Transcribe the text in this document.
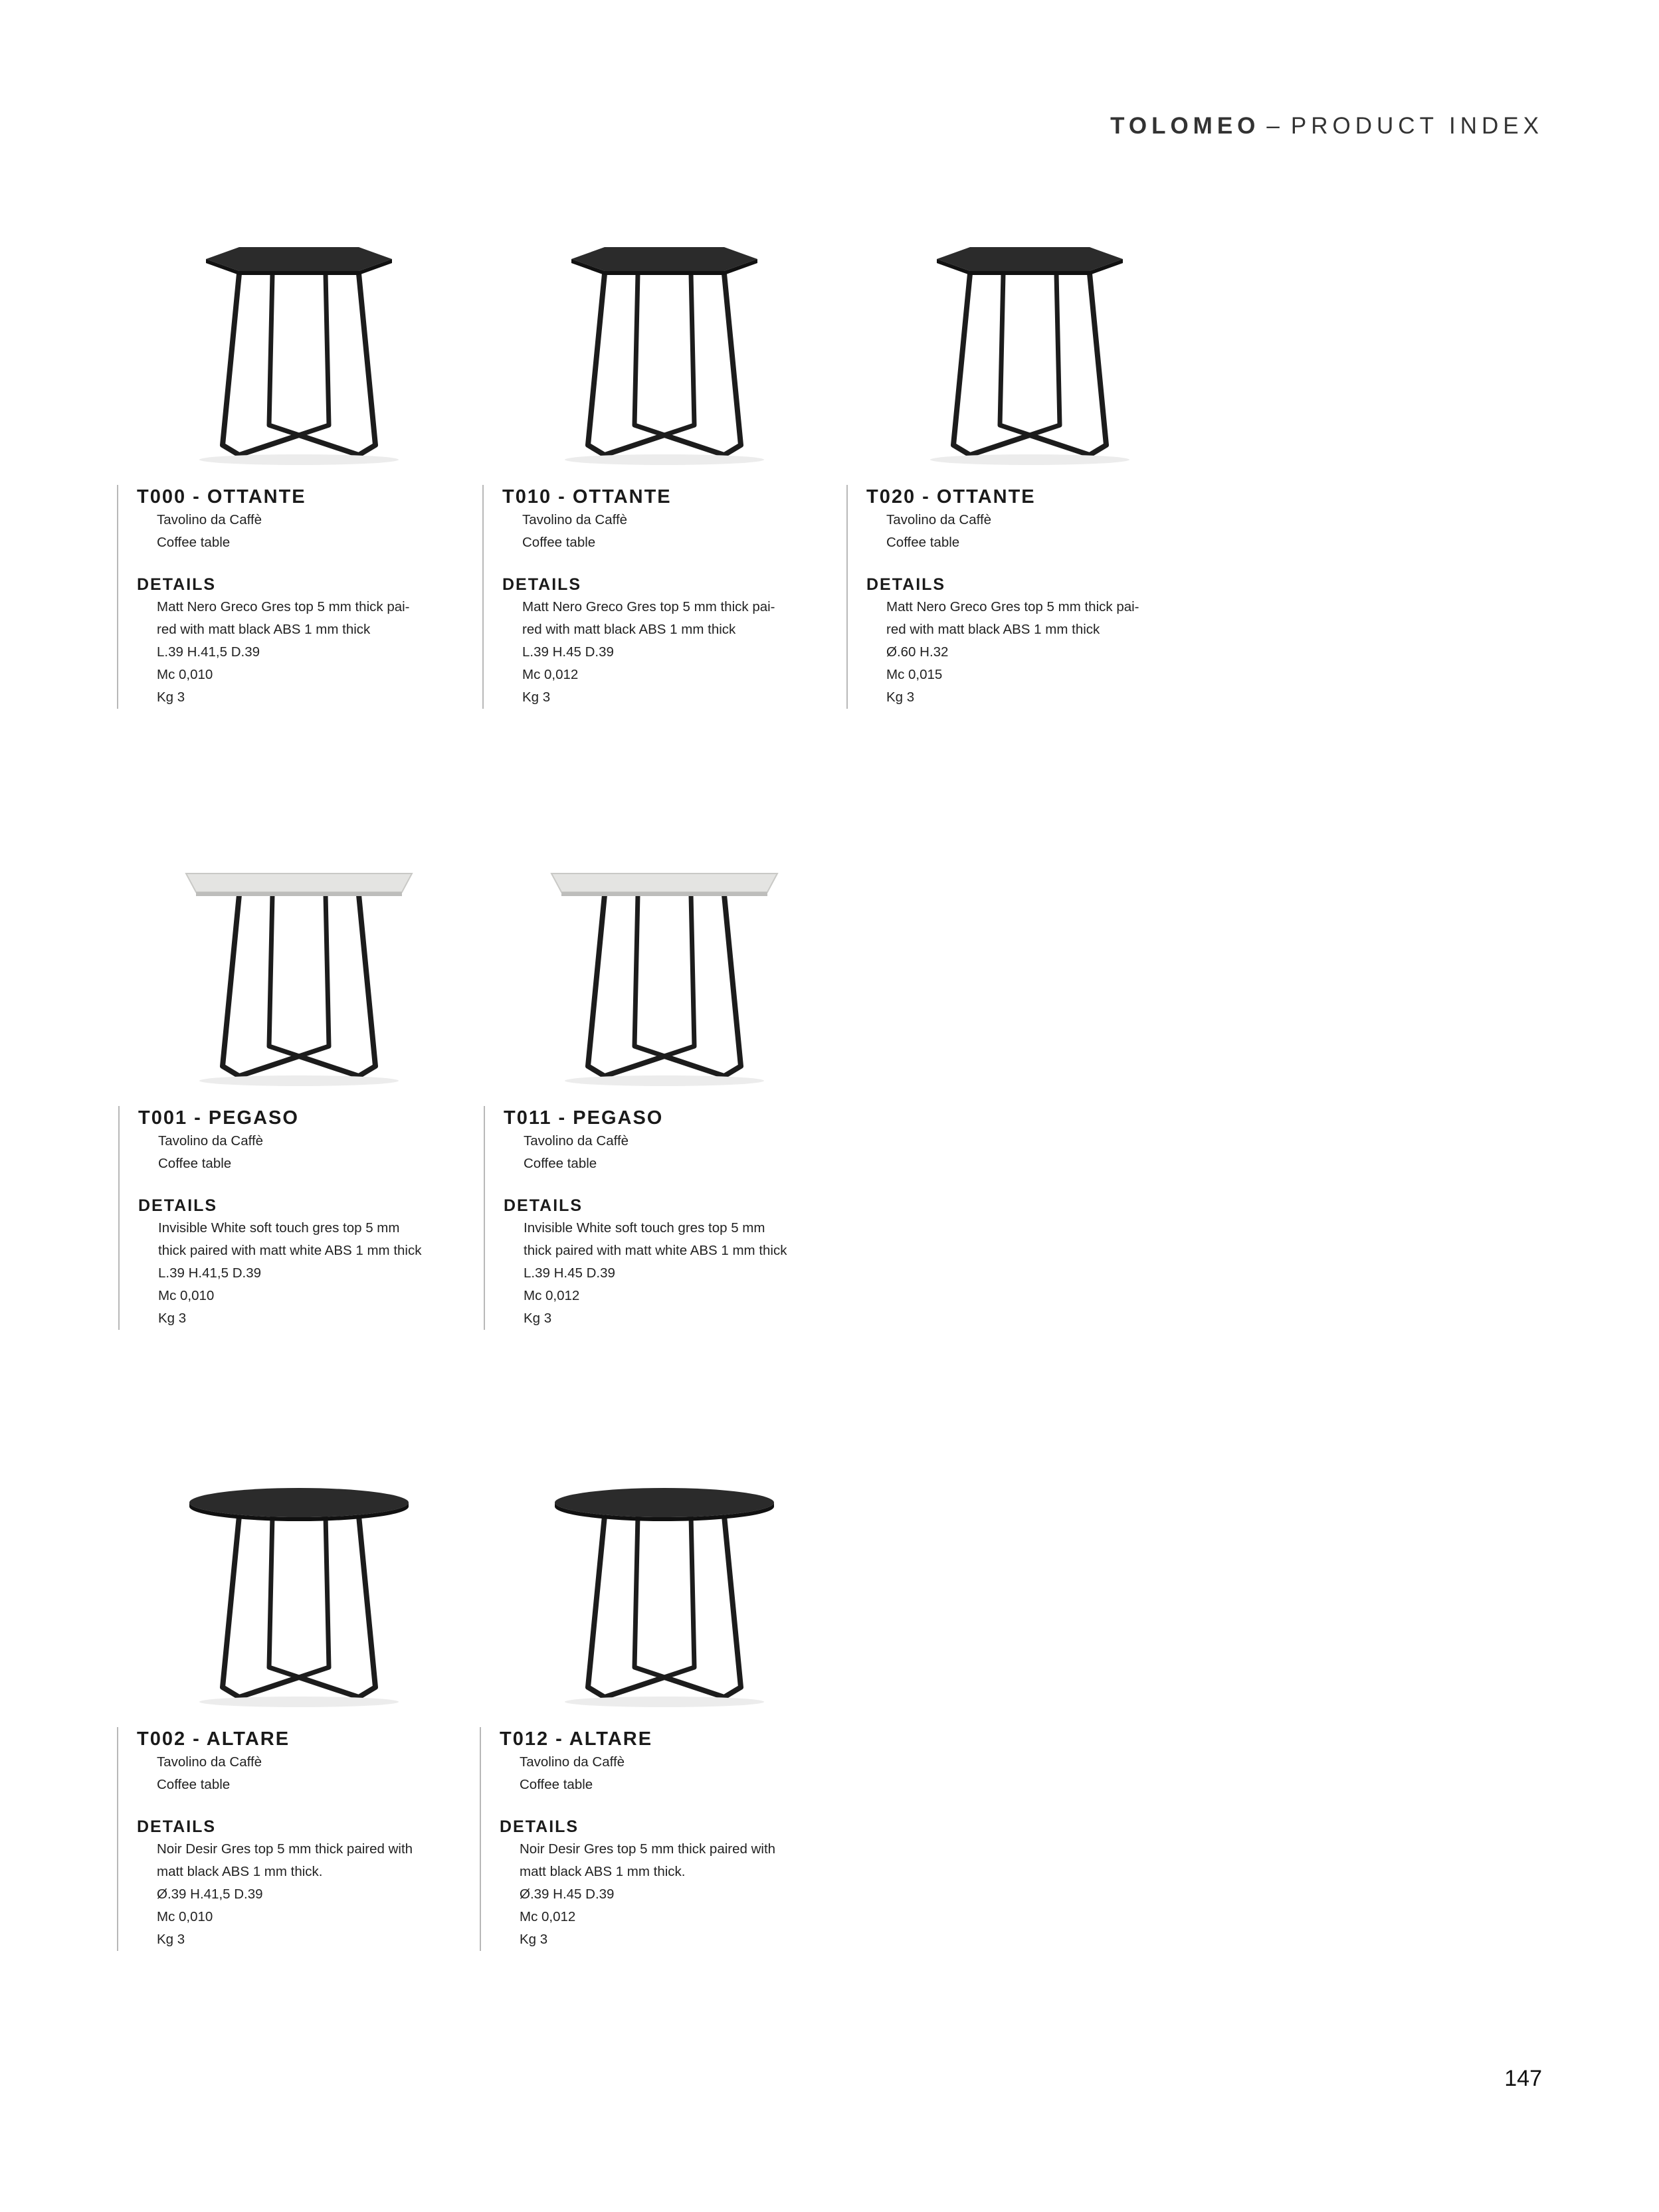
TOLOMEO – PRODUCT INDEX
T000 - OTTANTE
Tavolino da Caffè
Coffee table
DETAILS
Matt Nero Greco Gres top 5 mm thick pai-
red with matt black ABS 1 mm thick
L.39 H.41,5 D.39
Mc 0,010
Kg 3
T010 - OTTANTE
Tavolino da Caffè
Coffee table
DETAILS
Matt Nero Greco Gres top 5 mm thick pai-
red with matt black ABS 1 mm thick
L.39 H.45 D.39
Mc 0,012
Kg 3
T020 - OTTANTE
Tavolino da Caffè
Coffee table
DETAILS
Matt Nero Greco Gres top 5 mm thick pai-
red with matt black ABS 1 mm thick
Ø.60 H.32
Mc 0,015
Kg 3
T001 - PEGASO
Tavolino da Caffè
Coffee table
DETAILS
Invisible White soft touch gres top 5 mm
thick paired with matt white ABS 1 mm thick
L.39 H.41,5 D.39
Mc 0,010
Kg 3
T011 - PEGASO
Tavolino da Caffè
Coffee table
DETAILS
Invisible White soft touch gres top 5 mm
thick paired with matt white ABS 1 mm thick
L.39 H.45 D.39
Mc 0,012
Kg 3
T002 - ALTARE
Tavolino da Caffè
Coffee table
DETAILS
Noir Desir Gres top 5 mm thick paired with
matt black ABS 1 mm thick.
Ø.39 H.41,5 D.39
Mc 0,010
Kg 3
T012 - ALTARE
Tavolino da Caffè
Coffee table
DETAILS
Noir Desir Gres top 5 mm thick paired with
matt black ABS 1 mm thick.
Ø.39 H.45 D.39
Mc 0,012
Kg 3
147
